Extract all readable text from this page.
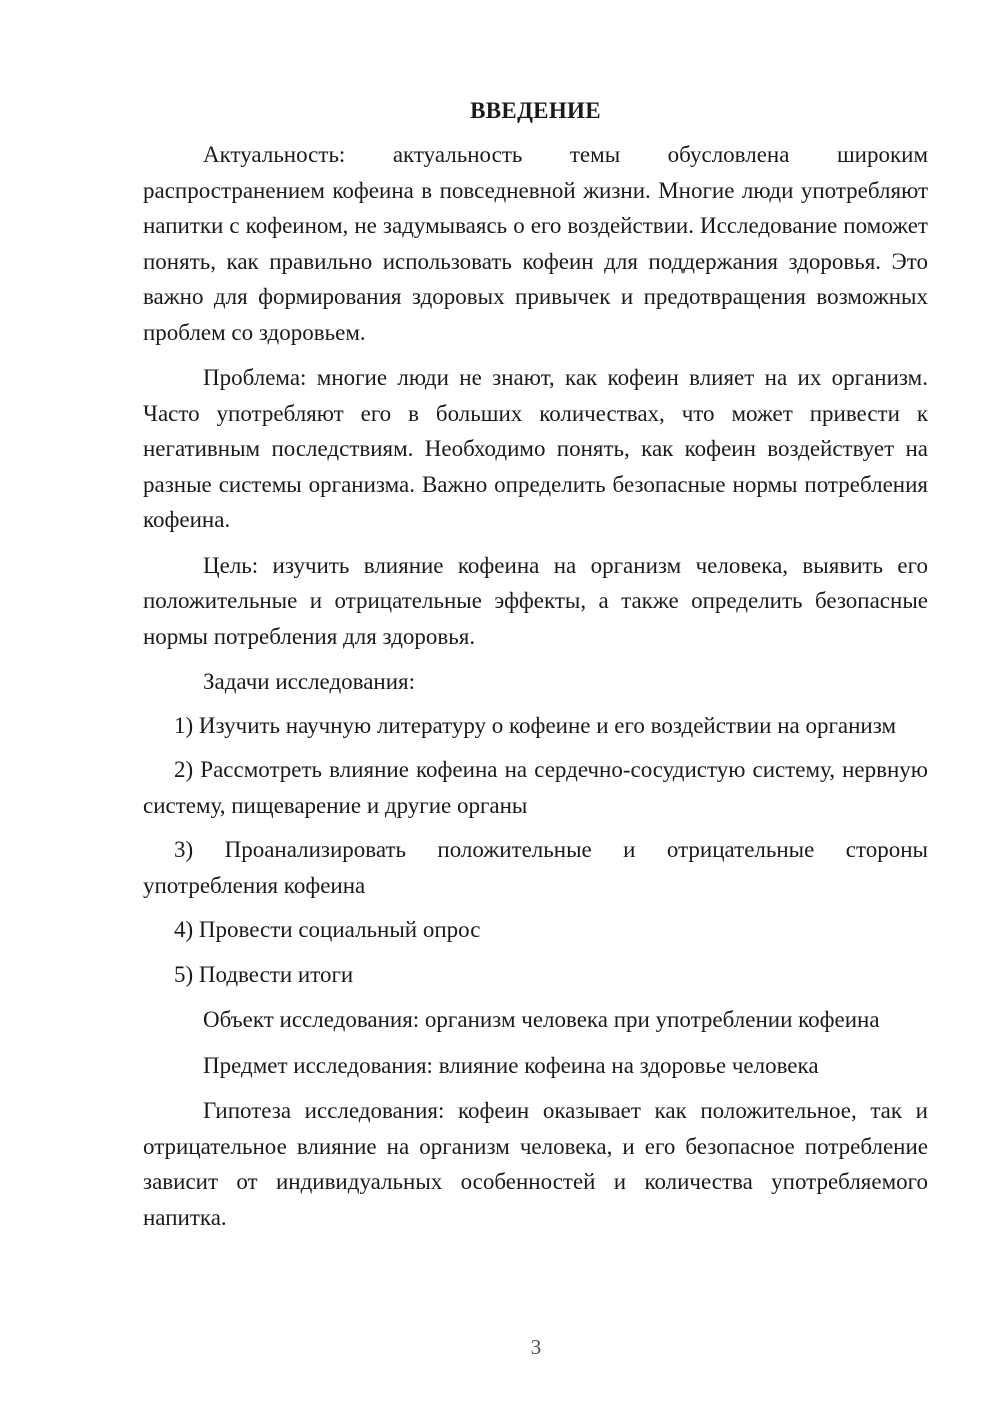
ВВЕДЕНИЕ

Актуальность: актуальность темы обусловлена широким распространением кофеина в повседневной жизни. Многие люди употребляют напитки с кофеином, не задумываясь о его воздействии. Исследование поможет понять, как правильно использовать кофеин для поддержания здоровья. Это важно для формирования здоровых привычек и предотвращения возможных проблем со здоровьем.

Проблема: многие люди не знают, как кофеин влияет на их организм. Часто употребляют его в больших количествах, что может привести к негативным последствиям. Необходимо понять, как кофеин воздействует на разные системы организма. Важно определить безопасные нормы потребления кофеина.

Цель: изучить влияние кофеина на организм человека, выявить его положительные и отрицательные эффекты, а также определить безопасные нормы потребления для здоровья.

Задачи исследования:

1) Изучить научную литературу о кофеине и его воздействии на организм

2) Рассмотреть влияние кофеина на сердечно-сосудистую систему, нервную систему, пищеварение и другие органы

3) Проанализировать положительные и отрицательные стороны употребления кофеина

4) Провести социальный опрос

5) Подвести итоги

Объект исследования: организм человека при употреблении кофеина

Предмет исследования: влияние кофеина на здоровье человека

Гипотеза исследования: кофеин оказывает как положительное, так и отрицательное влияние на организм человека, и его безопасное потребление зависит от индивидуальных особенностей и количества употребляемого напитка.

3
